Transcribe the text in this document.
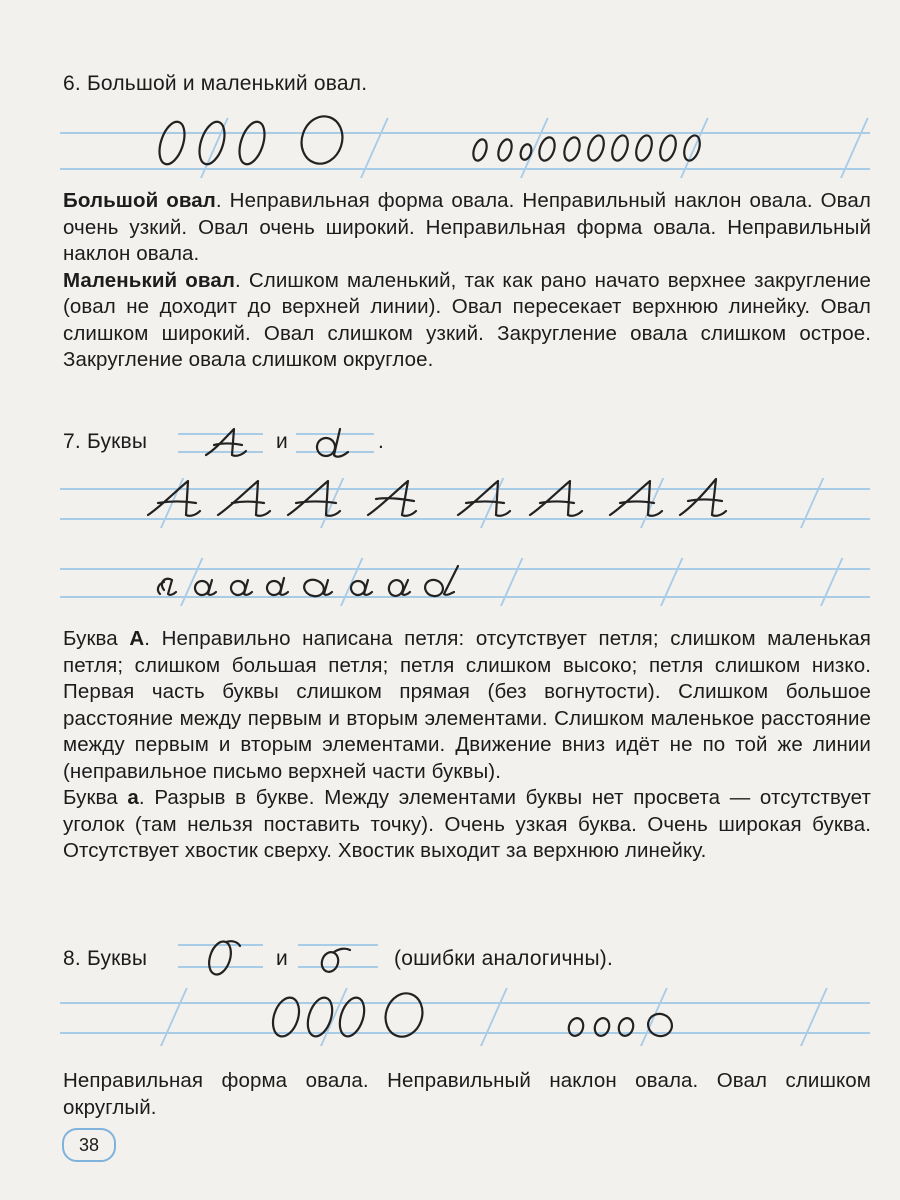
6. Большой и маленький овал.
Большой овал. Неправильная форма овала. Неправильный наклон овала. Овал очень узкий. Овал очень широкий. Неправильная форма овала. Неправильный наклон овала.
Маленький овал. Слишком маленький, так как рано начато верхнее закругление (овал не доходит до верхней линии). Овал пересекает верхнюю линейку. Овал слишком широкий. Овал слишком узкий. Закругление овала слишком острое. Закругление овала слишком округлое.
7. Буквы	и	.
Буква А. Неправильно написана петля: отсутствует петля; слишком маленькая петля; слишком большая петля; петля слишком высоко; петля слишком низко. Первая часть буквы слишком прямая (без вогнутости). Слишком большое расстояние между первым и вторым элементами. Слишком маленькое расстояние между первым и вторым элементами. Движение вниз идёт не по той же линии (неправильное письмо верхней части буквы).
Буква а. Разрыв в букве. Между элементами буквы нет просвета — отсутствует уголок (там нельзя поставить точку). Очень узкая буква. Очень широкая буква. Отсутствует хвостик сверху. Хвостик выходит за верхнюю линейку.
8. Буквы	и	(ошибки аналогичны).
Неправильная форма овала. Неправильный наклон овала. Овал слишком округлый.
38
